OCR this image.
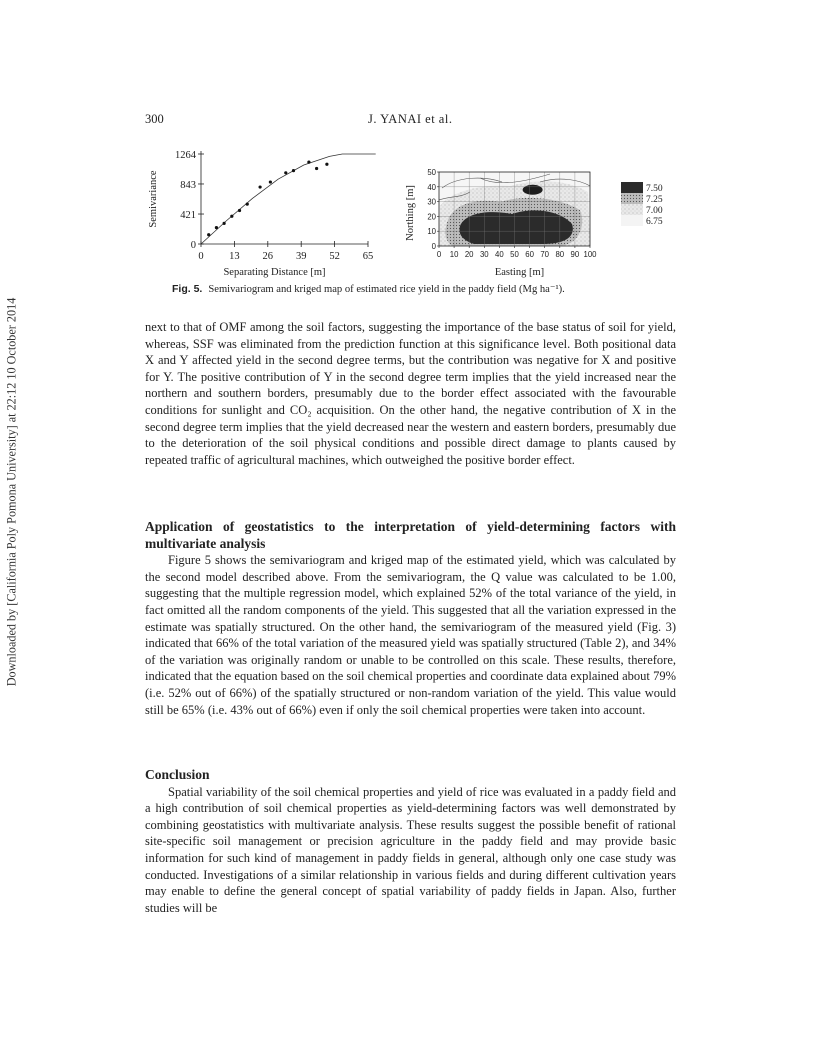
300	J. YANAI et al.
Downloaded by [California Poly Pomona University] at 22:12 10 October 2014
0 13 26 39 52 65
0
421
843
1264
Semivariance
Separating Distance [m]
0 10 20 30 40 50 60 70 80 90 100
0
10
20
30
40
50
Northing [m]
Easting [m]
7.50
7.25
7.00
6.75
Fig. 5. Semivariogram and kriged map of estimated rice yield in the paddy field (Mg ha⁻¹).

next to that of OMF among the soil factors, suggesting the importance of the base status of soil for yield, whereas, SSF was eliminated from the prediction function at this significance level. Both positional data X and Y affected yield in the second degree terms, but the contribution was negative for X and positive for Y. The positive contribution of Y in the second degree term implies that the yield increased near the northern and southern borders, presumably due to the border effect associated with the favourable conditions for sunlight and CO₂ acquisition. On the other hand, the negative contribution of X in the second degree term implies that the yield decreased near the western and eastern borders, presumably due to the deterioration of the soil physical conditions and possible direct damage to plants caused by repeated traffic of agricultural machines, which outweighed the positive border effect.

Application of geostatistics to the interpretation of yield-determining factors with multivariate analysis

Figure 5 shows the semivariogram and kriged map of the estimated yield, which was calculated by the second model described above. From the semivariogram, the Q value was calculated to be 1.00, suggesting that the multiple regression model, which explained 52% of the total variance of the yield, in fact omitted all the random components of the yield. This suggested that all the variation expressed in the estimate was spatially structured. On the other hand, the semivariogram of the measured yield (Fig. 3) indicated that 66% of the total variation of the measured yield was spatially structured (Table 2), and 34% of the variation was originally random or unable to be controlled on this scale. These results, therefore, indicated that the equation based on the soil chemical properties and coordinate data explained about 79% (i.e. 52% out of 66%) of the spatially structured or non-random variation of the yield. This value would still be 65% (i.e. 43% out of 66%) even if only the soil chemical properties were taken into account.

Conclusion

Spatial variability of the soil chemical properties and yield of rice was evaluated in a paddy field and a high contribution of soil chemical properties as yield-determining factors was well demonstrated by combining geostatistics with multivariate analysis. These results suggest the possible benefit of rational site-specific soil management or precision agriculture in the paddy field and may provide basic information for such kind of management in paddy fields in general, although only one case study was conducted. Investigations of a similar relationship in various fields and during different cultivation years may enable to define the general concept of spatial variability of paddy fields in Japan. Also, further studies will be
